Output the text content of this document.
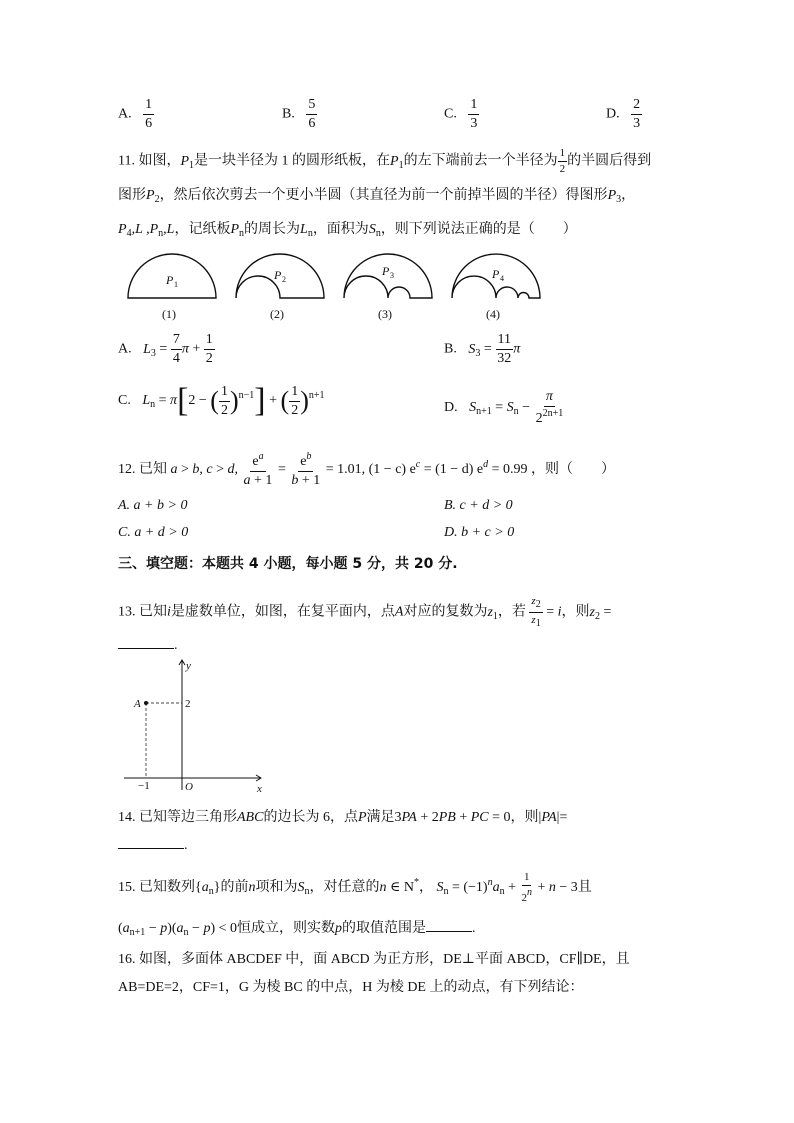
A. $\frac{1}{6}$	B. $\frac{5}{6}$	C. $\frac{1}{3}$	D. $\frac{2}{3}$
11. 如图，$P_1$是一块半径为 1 的圆形纸板，在$P_1$的左下端前去一个半径为 $\frac{1}{2}$ 的半圆后得到
图形$P_2$，然后依次剪去一个更小半圆（其直径为前一个前掉半圆的半径）得图形$P_3$，
$P_4,L$ $,P_n,L$，记纸板$P_n$的周长为$L_n$，面积为$S_n$，则下列说法正确的是（　　）
P	P	P	P
1
2	3	4
(1)	(2)	(3)	(4)
A. $L_3 = \frac{7}{4}$ $\pi + \frac{1}{2}$	B. $S_3 = \frac{11}{32}$ π
C. $L_n = \pi[2$ − ( $\frac{1}{2} )^{n-1}$] + ( $\frac{1}{2} )^{n+1}$
D. $S_{n+1} = S_n - \frac{\pi}{2^{2n+1}}$
12. 已知 a > b, c > d, $\frac{e^a}{a + 1} = \frac{e^b}{b + 1} = 1.01$, (1 − c) $e^c = (1 - d) e^d = 0.99$ ，则（　　）
A. a + b > 0	B. c + d > 0
C. a + d > 0	D. b + c > 0
三、填空题：本题共 4 小题，每小题 5 分，共 20 分.
13. 已知i是虚数单位，如图，在复平面内，点A对应的复数为$z_1$，若 $\frac{z2}{z1} = i$，则$z_2$ =
.
y
x
O
A
−1
2
14. 已知等边三角形ABC的边长为 6，点P满足3PA + 2PB + PC = 0，则|PA|=
.
15. 已知数列$\{a_n\}$的前n项和为$S_n$，对任意的n ∈ N*， $S_n = (-1)^na_n + \frac{1}{2n} + n - 3$且
$(a_{n+1} - p)(a_n - p) < 0$恒成立，则实数p的取值范围是	.
16. 如图，多面体 ABCDEF 中，面 ABCD 为正方形，DE⊥平面 ABCD，CF∥DE，且
AB=DE=2，CF=1，G 为棱 BC 的中点，H 为棱 DE 上的动点，有下列结论：
